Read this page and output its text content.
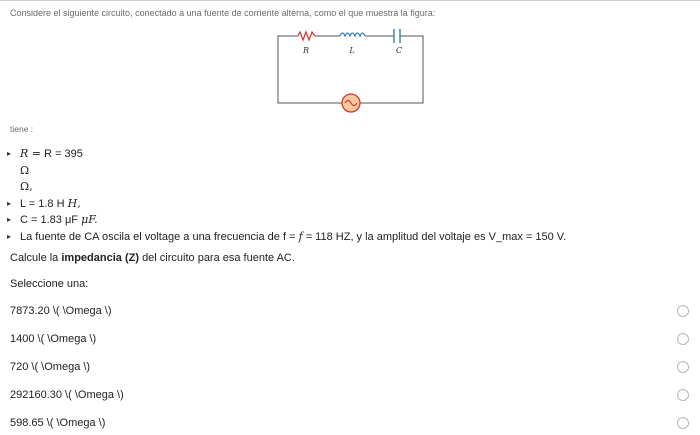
Considere el siguiente circuito, conectado a una fuente de corriente alterna, como el que muestra la figura:
R	L	C
tiene :
▸ R = R = 395
Ω
Ω,
▸ L = 1.8 H H,
▸ C = 1.83 μF μF.
▸ La fuente de CA oscila el voltage a una frecuencia de f = f = 118 HZ, y la amplitud del voltaje es V_max = 150 V.
Calcule la impedancia (Z) del circuito para esa fuente AC.
Seleccione una:
7873.20 \( \Omega \)
1400 \( \Omega \)
720 \( \Omega \)
292160.30 \( \Omega \)
598.65 \( \Omega \)
